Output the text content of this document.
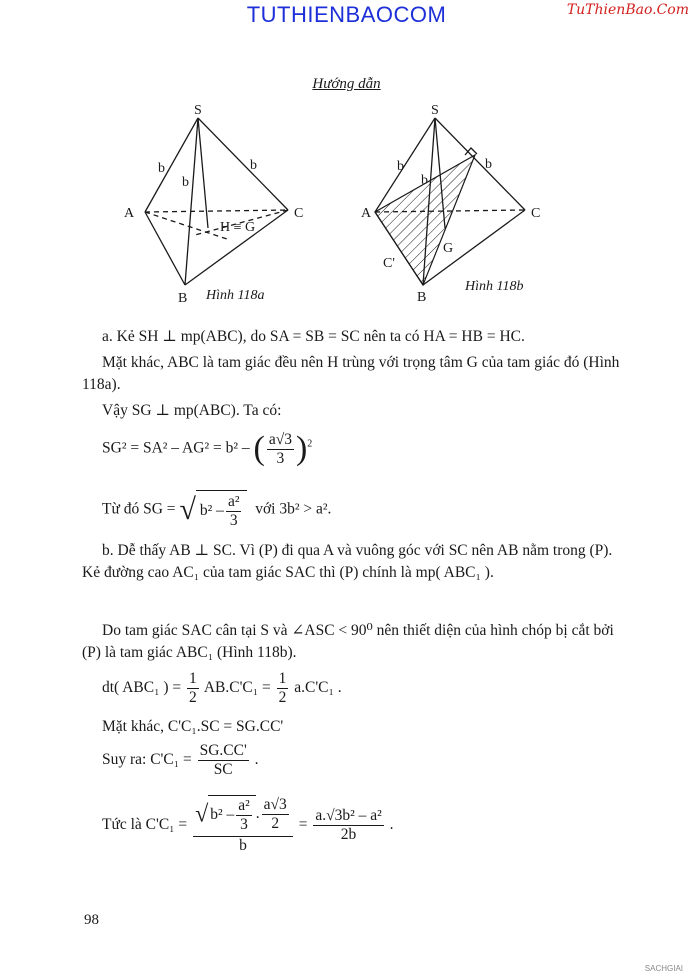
TUTHIENBAOCOM	TuThienBao.Com
Hướng dẫn
S
A	C
B
H ≡ G
b	b
b
Hình 118a
S
A	C
B
G
C'
b	b
b
Hình 118b
a. Kẻ SH ⊥ mp(ABC), do SA = SB = SC nên ta có HA = HB = HC.
Mặt khác, ABC là tam giác đều nên H trùng với trọng tâm G của tam giác đó (Hình 118a).
Vậy SG ⊥ mp(ABC). Ta có:
SG² = SA² – AG² = b² – ( $\frac{a√3}{3} )^2$
Từ đó SG = √ $b^2 - \frac{\text{a²}}{3}$ với 3b² > a².
b. Dễ thấy AB ⊥ SC. Vì (P) đi qua A và vuông góc với SC nên AB nằm trong (P). Kẻ đường cao AC₁ của tam giác SAC thì (P) chính là mp( ABC₁ ).
Do tam giác SAC cân tại S và ∠ASC < 90⁰ nên thiết diện của hình chóp bị cắt bởi (P) là tam giác ABC₁ (Hình 118b).
dt( ABC₁ ) = $\frac{1}{2} AB.C'C_1 = \frac{1}{2} a.C'C_1$ .
Mặt khác, C'C₁.SC = SG.CC'
Suy ra: $C'C_1 = \frac{SG.CC'}{SC}$ .
Tức là $C'C_1 = \frac{√ b^2 - \frac{\text{a²}}{3} . \frac{a√3}{2}}{b} = \frac{\text{a.√3b² – a²}}{2b}$ .
98
SACHGIAI
